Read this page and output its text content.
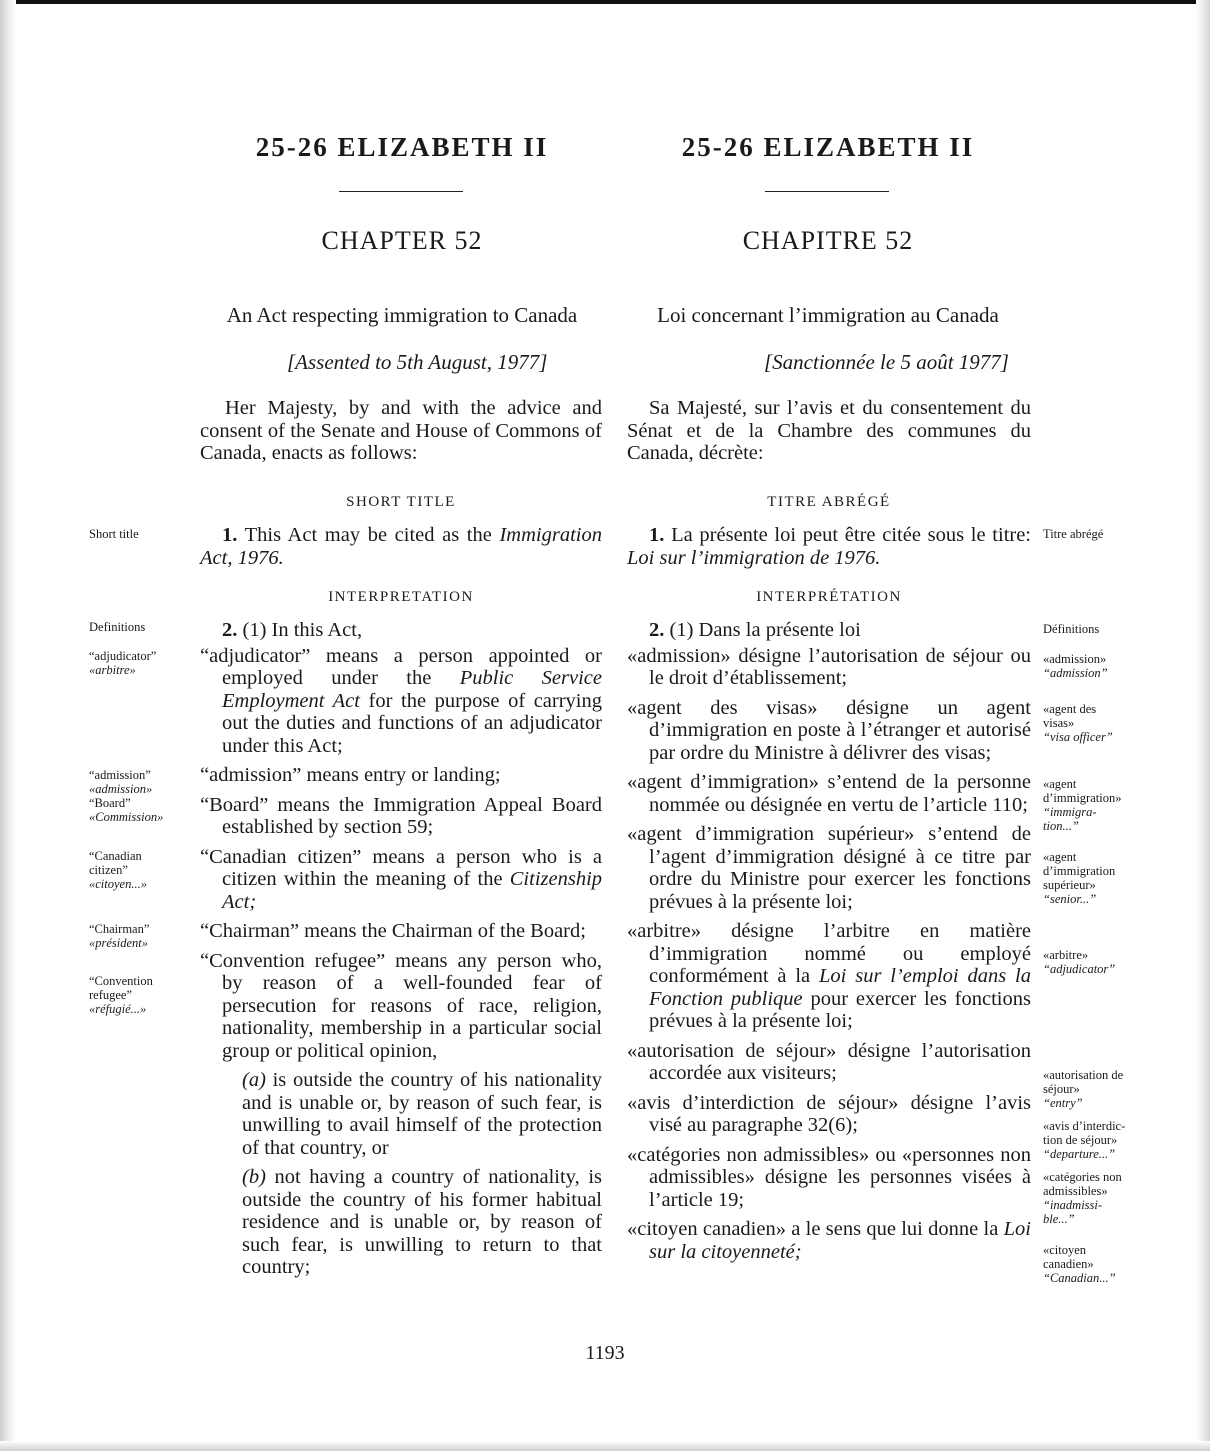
25-26 ELIZABETH II	25-26 ELIZABETH II
CHAPTER 52	CHAPITRE 52
An Act respecting immigration to Canada	Loi concernant l’immigration au Canada
[Assented to 5th August, 1977]	[Sanctionnée le 5 août 1977]

Her Majesty, by and with the advice and consent of the Senate and House of Commons of Canada, enacts as follows:

SHORT TITLE

1. This Act may be cited as the Immigration Act, 1976.

INTERPRETATION

2. (1) In this Act,

“adjudicator” means a person appointed or employed under the Public Service Employment Act for the purpose of carrying out the duties and functions of an adjudicator under this Act;

“admission” means entry or landing;

“Board” means the Immigration Appeal Board established by section 59;

“Canadian citizen” means a person who is a citizen within the meaning of the Citizenship Act;

“Chairman” means the Chairman of the Board;

“Convention refugee” means any person who, by reason of a well-founded fear of persecution for reasons of race, religion, nationality, membership in a particular social group or political opinion,

(a) is outside the country of his nationality and is unable or, by reason of such fear, is unwilling to avail himself of the protection of that country, or

(b) not having a country of nationality, is outside the country of his former habitual residence and is unable or, by reason of such fear, is unwilling to return to that country;

Short title
Definitions
“adjudicator”
«arbitre»
“admission”
«admission»
“Board”
«Commission»
“Canadian
citizen”
«citoyen...»
“Chairman”
«président»
“Convention
refugee”
«réfugié...»

Sa Majesté, sur l’avis et du consentement du Sénat et de la Chambre des communes du Canada, décrète:

TITRE ABRÉGÉ

1. La présente loi peut être citée sous le titre: Loi sur l’immigration de 1976.

INTERPRÉTATION

2. (1) Dans la présente loi

«admission» désigne l’autorisation de séjour ou le droit d’établissement;

«agent des visas» désigne un agent d’immigration en poste à l’étranger et autorisé par ordre du Ministre à délivrer des visas;

«agent d’immigration» s’entend de la personne nommée ou désignée en vertu de l’article 110;

«agent d’immigration supérieur» s’entend de l’agent d’immigration désigné à ce titre par ordre du Ministre pour exercer les fonctions prévues à la présente loi;

«arbitre» désigne l’arbitre en matière d’immigration nommé ou employé conformément à la Loi sur l’emploi dans la Fonction publique pour exercer les fonctions prévues à la présente loi;

«autorisation de séjour» désigne l’autorisation accordée aux visiteurs;

«avis d’interdiction de séjour» désigne l’avis visé au paragraphe 32(6);

«catégories non admissibles» ou «personnes non admissibles» désigne les personnes visées à l’article 19;

«citoyen canadien» a le sens que lui donne la Loi sur la citoyenneté;

Titre abrégé
Définitions
«admission»
“admission”
«agent des
visas»
“visa officer”
«agent
d’immigration»
“immigra-
tion...”
«agent
d’immigration
supérieur»
“senior...”
«arbitre»
“adjudicator”
«autorisation de
séjour»
“entry”
«avis d’interdic-
tion de séjour»
“departure...”
«catégories non
admissibles»
“inadmissi-
ble...”
«citoyen
canadien»
“Canadian...”
1193
